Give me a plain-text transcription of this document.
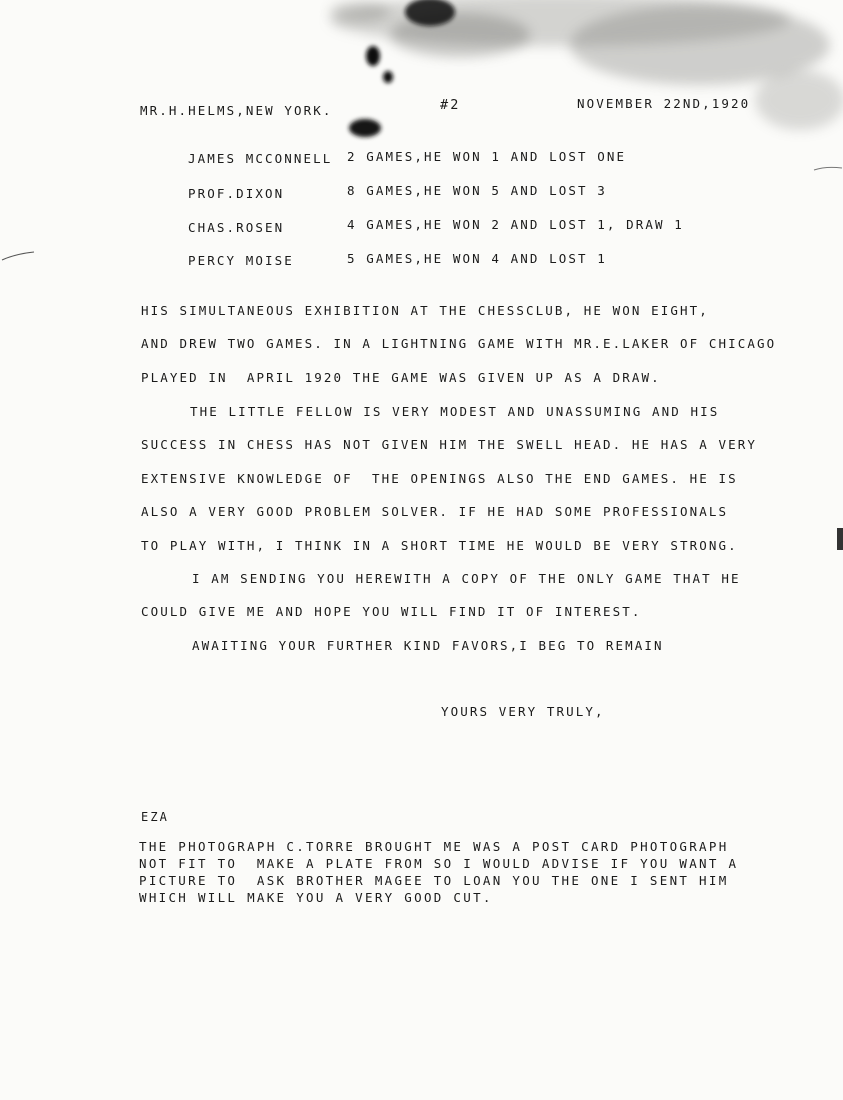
MR.H.HELMS,NEW YORK.	#2	NOVEMBER 22ND,1920
JAMES MCCONNELL 2 GAMES,HE WON 1 AND LOST ONE
PROF.DIXON	8 GAMES,HE WON 5 AND LOST 3
CHAS.ROSEN	4 GAMES,HE WON 2 AND LOST 1, DRAW 1
PERCY MOISE	5 GAMES,HE WON 4 AND LOST 1
HIS SIMULTANEOUS EXHIBITION AT THE CHESSCLUB, HE WON EIGHT,
AND DREW TWO GAMES. IN A LIGHTNING GAME WITH MR.E.LAKER OF CHICAGO
PLAYED IN  APRIL 1920 THE GAME WAS GIVEN UP AS A DRAW.
THE LITTLE FELLOW IS VERY MODEST AND UNASSUMING AND HIS
SUCCESS IN CHESS HAS NOT GIVEN HIM THE SWELL HEAD. HE HAS A VERY
EXTENSIVE KNOWLEDGE OF  THE OPENINGS ALSO THE END GAMES. HE IS
ALSO A VERY GOOD PROBLEM SOLVER. IF HE HAD SOME PROFESSIONALS
TO PLAY WITH, I THINK IN A SHORT TIME HE WOULD BE VERY STRONG.
I AM SENDING YOU HEREWITH A COPY OF THE ONLY GAME THAT HE
COULD GIVE ME AND HOPE YOU WILL FIND IT OF INTEREST.
AWAITING YOUR FURTHER KIND FAVORS,I BEG TO REMAIN
YOURS VERY TRULY,
EZA
THE PHOTOGRAPH C.TORRE BROUGHT ME WAS A POST CARD PHOTOGRAPH
NOT FIT TO  MAKE A PLATE FROM SO I WOULD ADVISE IF YOU WANT A
PICTURE TO  ASK BROTHER MAGEE TO LOAN YOU THE ONE I SENT HIM
WHICH WILL MAKE YOU A VERY GOOD CUT.
